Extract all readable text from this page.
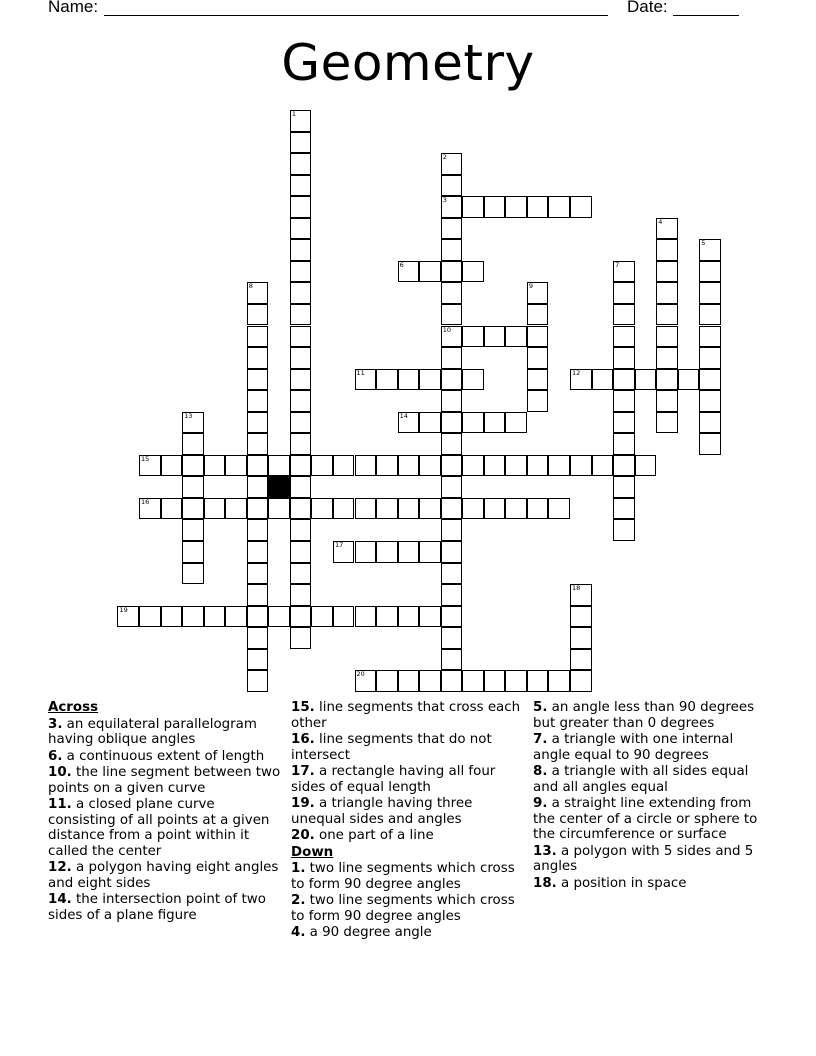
Name:	Date:
Geometry
1
2
3
10
4
5
6	7
8	9
11	12
13	14
15
16
17
18
19
20
Across
3. an equilateral parallelogram having oblique angles
6. a continuous extent of length
10. the line segment between two points on a given curve
11. a closed plane curve consisting of all points at a given distance from a point within it called the center
12. a polygon having eight angles and eight sides
14. the intersection point of two sides of a plane figure
15. line segments that cross each other
16. line segments that do not intersect
17. a rectangle having all four sides of equal length
19. a triangle having three unequal sides and angles
20. one part of a line
Down
1. two line segments which cross to form 90 degree angles
2. two line segments which cross to form 90 degree angles
4. a 90 degree angle
5. an angle less than 90 degrees but greater than 0 degrees
7. a triangle with one internal angle equal to 90 degrees
8. a triangle with all sides equal and all angles equal
9. a straight line extending from the center of a circle or sphere to the circumference or surface
13. a polygon with 5 sides and 5 angles
18. a position in space
